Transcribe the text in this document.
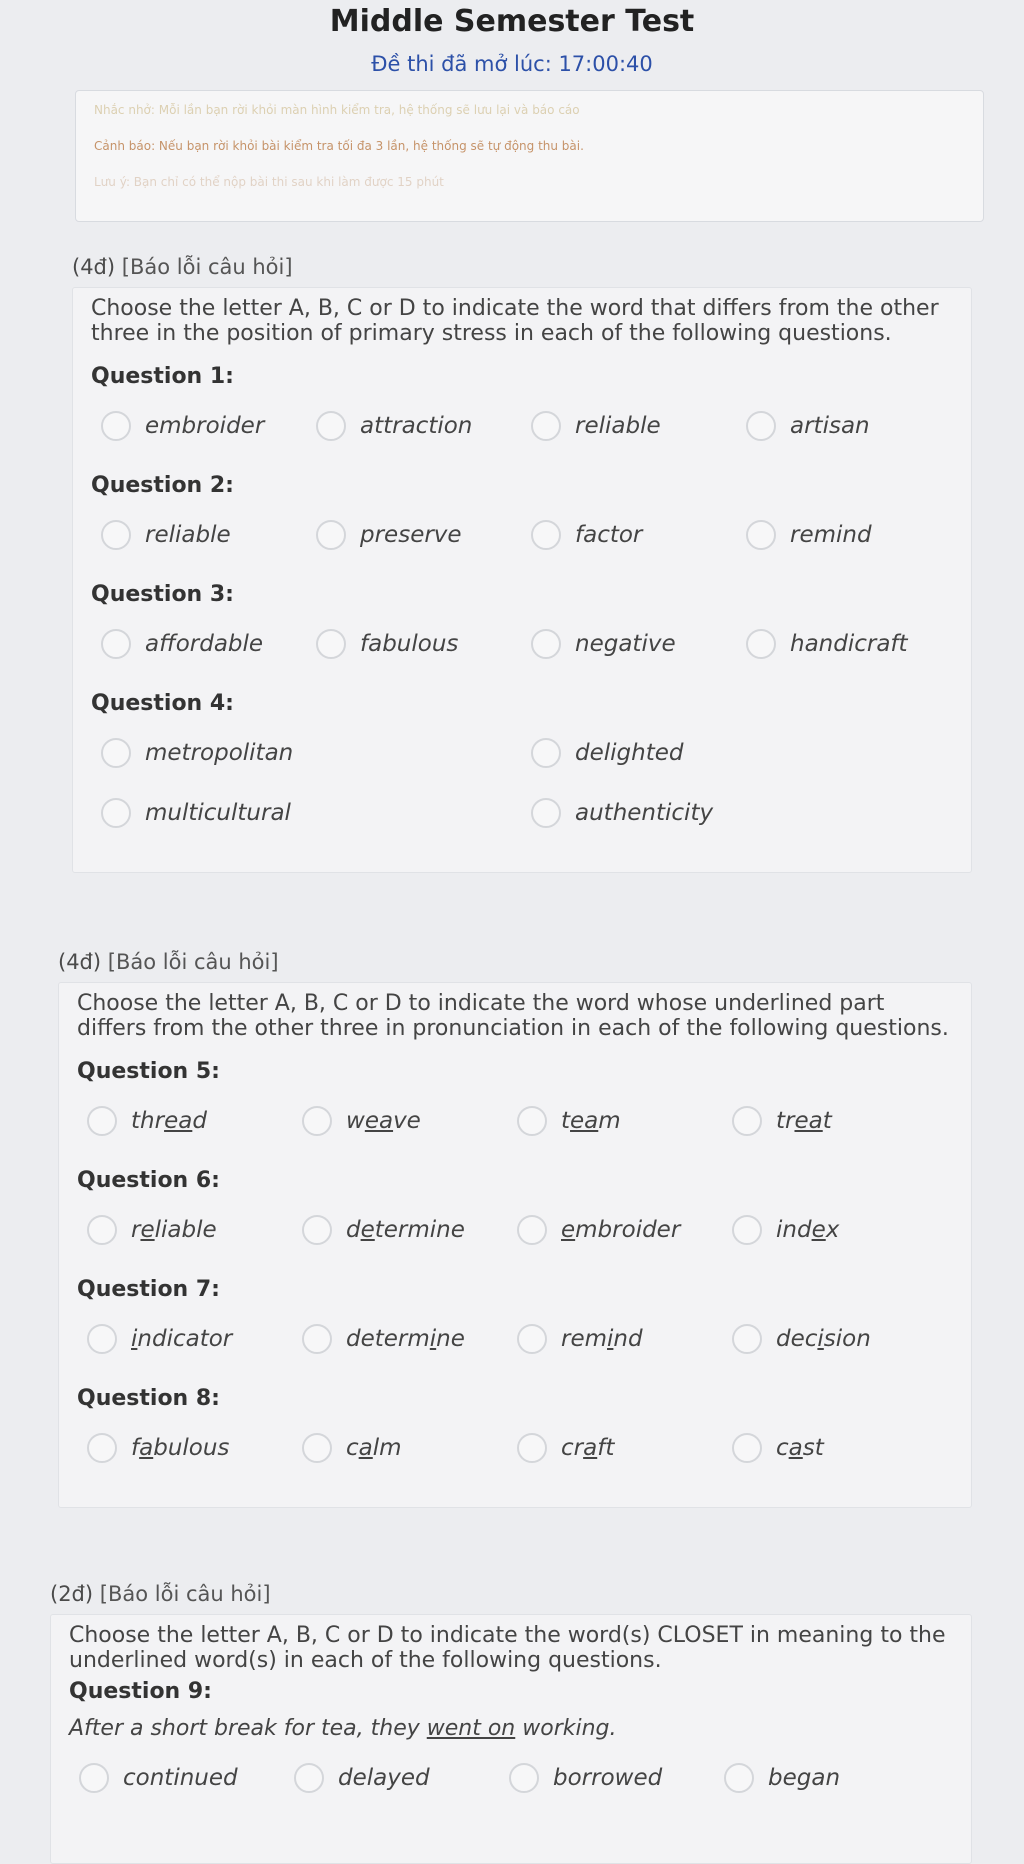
Middle Semester Test
Đề thi đã mở lúc: 17:00:40

Nhắc nhở: Mỗi lần bạn rời khỏi màn hình kiểm tra, hệ thống sẽ lưu lại và báo cáo

Cảnh báo: Nếu bạn rời khỏi bài kiểm tra tối đa 3 lần, hệ thống sẽ tự động thu bài.

Lưu ý: Bạn chỉ có thể nộp bài thi sau khi làm được 15 phút

(4đ) [Báo lỗi câu hỏi]
Choose the letter A, B, C or D to indicate the word that differs from the other three in the position of primary stress in each of the following questions.
Question 1:
embroider	attraction	reliable	artisan
Question 2:
reliable	preserve	factor	remind
Question 3:
affordable	fabulous	negative	handicraft
Question 4:
metropolitan	delighted
multicultural	authenticity
(4đ) [Báo lỗi câu hỏi]
Choose the letter A, B, C or D to indicate the word whose underlined part differs from the other three in pronunciation in each of the following questions.
Question 5:
thread	weave	team	treat
Question 6:
reliable	determine	embroider	index
Question 7:
indicator	determine	remind	decision
Question 8:
fabulous	calm	craft	cast
(2đ) [Báo lỗi câu hỏi]
Choose the letter A, B, C or D to indicate the word(s) CLOSET in meaning to the underlined word(s) in each of the following questions.
Question 9:
After a short break for tea, they went on working.
continued	delayed	borrowed	began
